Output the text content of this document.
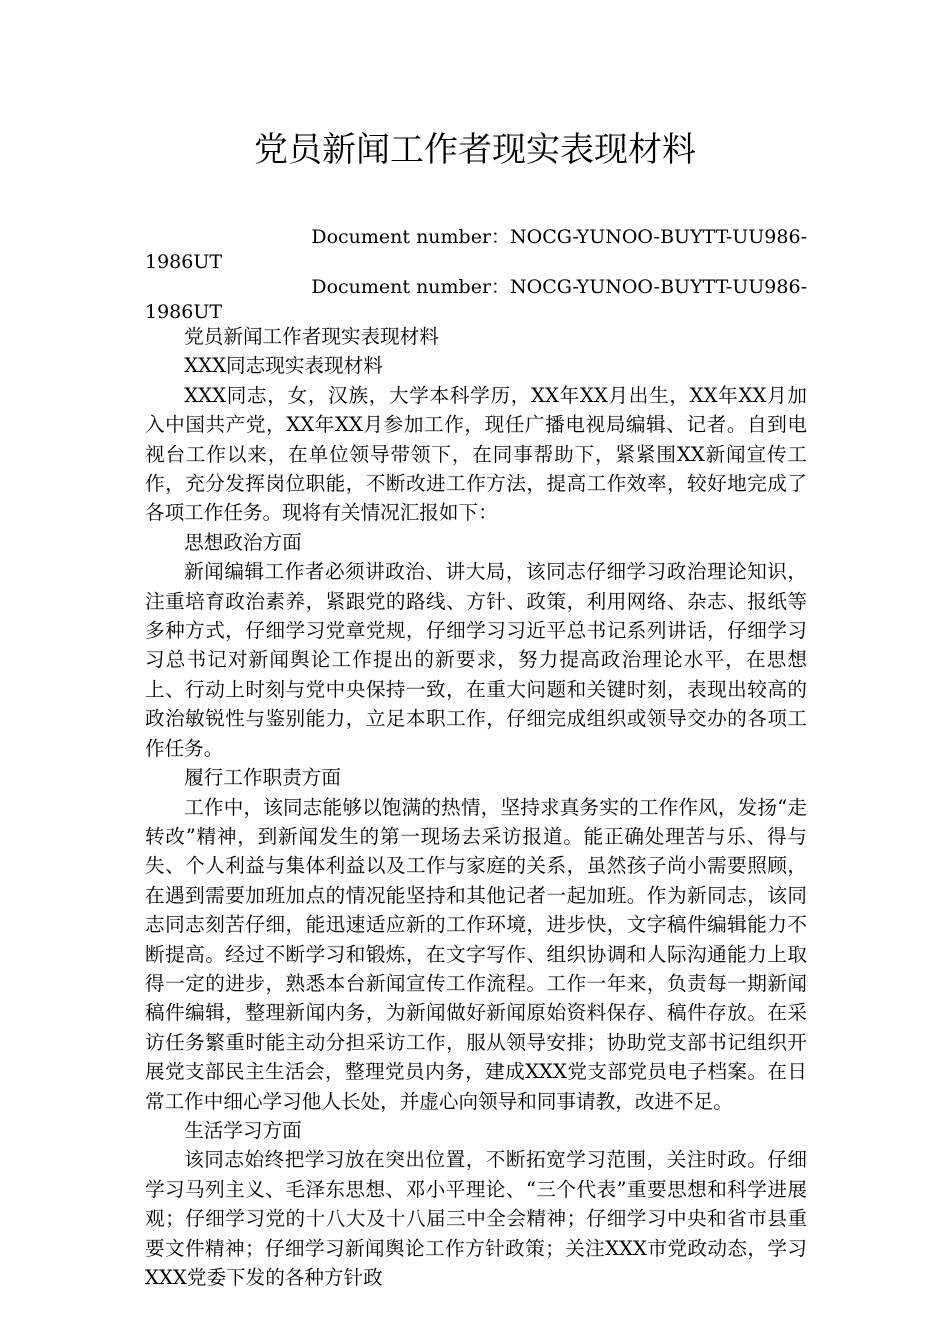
党员新闻工作者现实表现材料
Document number：NOCG-YUNOO-BUYTT-UU986-
1986UT
Document number：NOCG-YUNOO-BUYTT-UU986-
1986UT

党员新闻工作者现实表现材料

XXX同志现实表现材料

XXX同志，女，汉族，大学本科学历，XX年XX月出生，XX年XX月加入中国共产党，XX年XX月参加工作，现任广播电视局编辑、记者。自到电视台工作以来，在单位领导带领下，在同事帮助下，紧紧围XX新闻宣传工作，充分发挥岗位职能，不断改进工作方法，提高工作效率，较好地完成了各项工作任务。现将有关情况汇报如下：

思想政治方面

新闻编辑工作者必须讲政治、讲大局，该同志仔细学习政治理论知识，注重培育政治素养，紧跟党的路线、方针、政策，利用网络、杂志、报纸等多种方式，仔细学习党章党规，仔细学习习近平总书记系列讲话，仔细学习习总书记对新闻舆论工作提出的新要求，努力提高政治理论水平，在思想上、行动上时刻与党中央保持一致，在重大问题和关键时刻，表现出较高的政治敏锐性与鉴别能力，立足本职工作，仔细完成组织或领导交办的各项工作任务。

履行工作职责方面

工作中，该同志能够以饱满的热情，坚持求真务实的工作作风，发扬“走转改”精神，到新闻发生的第一现场去采访报道。能正确处理苦与乐、得与失、个人利益与集体利益以及工作与家庭的关系，虽然孩子尚小需要照顾，在遇到需要加班加点的情况能坚持和其他记者一起加班。作为新同志，该同志同志刻苦仔细，能迅速适应新的工作环境，进步快，文字稿件编辑能力不断提高。经过不断学习和锻炼，在文字写作、组织协调和人际沟通能力上取得一定的进步，熟悉本台新闻宣传工作流程。工作一年来，负责每一期新闻稿件编辑，整理新闻内务，为新闻做好新闻原始资料保存、稿件存放。在采访任务繁重时能主动分担采访工作，服从领导安排；协助党支部书记组织开展党支部民主生活会，整理党员内务，建成XXX党支部党员电子档案。在日常工作中细心学习他人长处，并虚心向领导和同事请教，改进不足。

生活学习方面

该同志始终把学习放在突出位置，不断拓宽学习范围，关注时政。仔细学习马列主义、毛泽东思想、邓小平理论、“三个代表”重要思想和科学进展观；仔细学习党的十八大及十八届三中全会精神；仔细学习中央和省市县重要文件精神；仔细学习新闻舆论工作方针政策；关注XXX市党政动态，学习XXX党委下发的各种方针政
